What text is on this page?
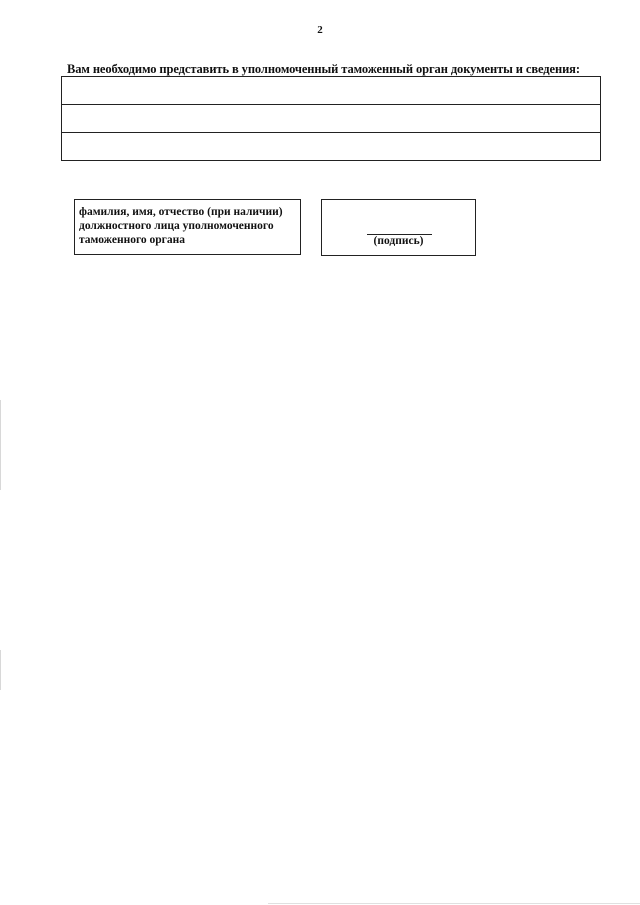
2
Вам необходимо представить в уполномоченный таможенный орган документы и сведения:

фамилия, имя, отчество (при наличии)
должностного лица уполномоченного
таможенного органа	(подпись)
